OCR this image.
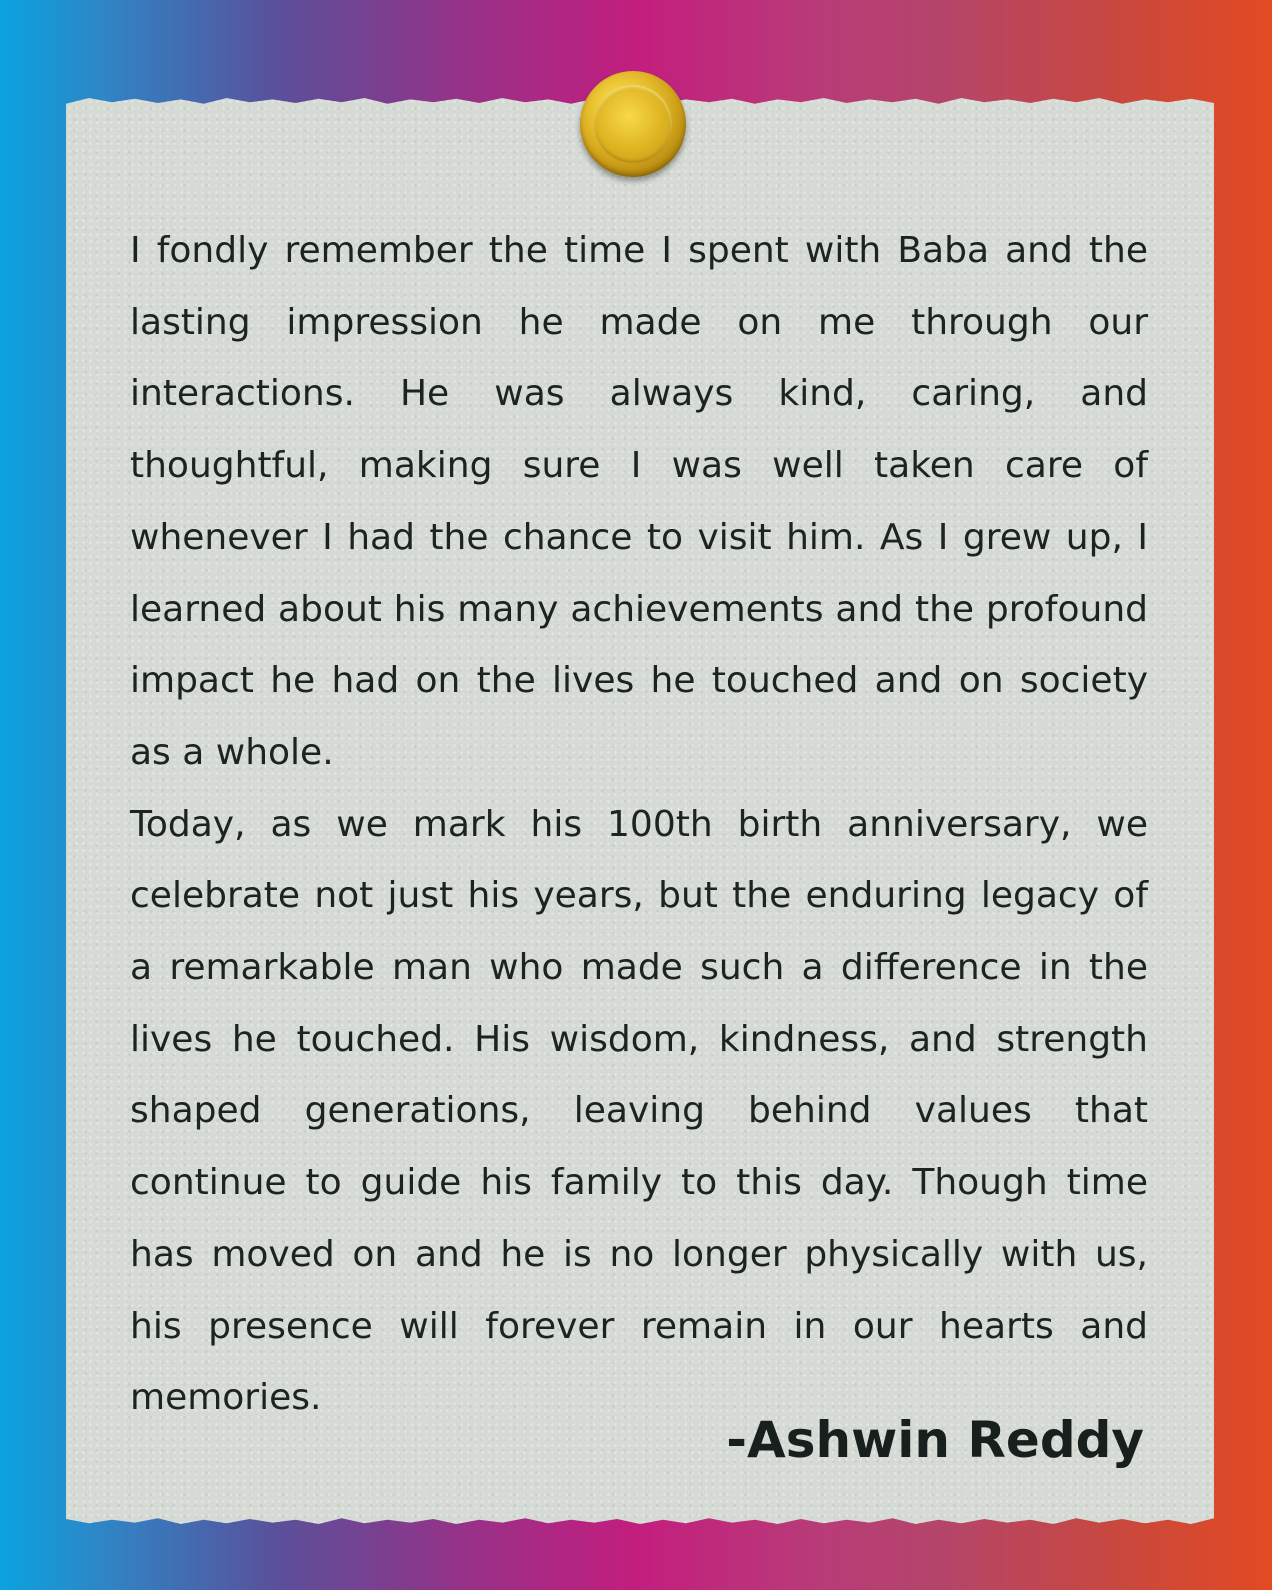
I fondly remember the time I spent with Baba and the lasting impression he made on me through our interactions. He was always kind, caring, and thoughtful, making sure I was well taken care of whenever I had the chance to visit him. As I grew up, I learned about his many achievements and the profound impact he had on the lives he touched and on society as a whole.

Today, as we mark his 100th birth anniversary, we celebrate not just his years, but the enduring legacy of a remarkable man who made such a difference in the lives he touched. His wisdom, kindness, and strength shaped generations, leaving behind values that continue to guide his family to this day. Though time has moved on and he is no longer physically with us, his presence will forever remain in our hearts and memories.

-Ashwin Reddy
